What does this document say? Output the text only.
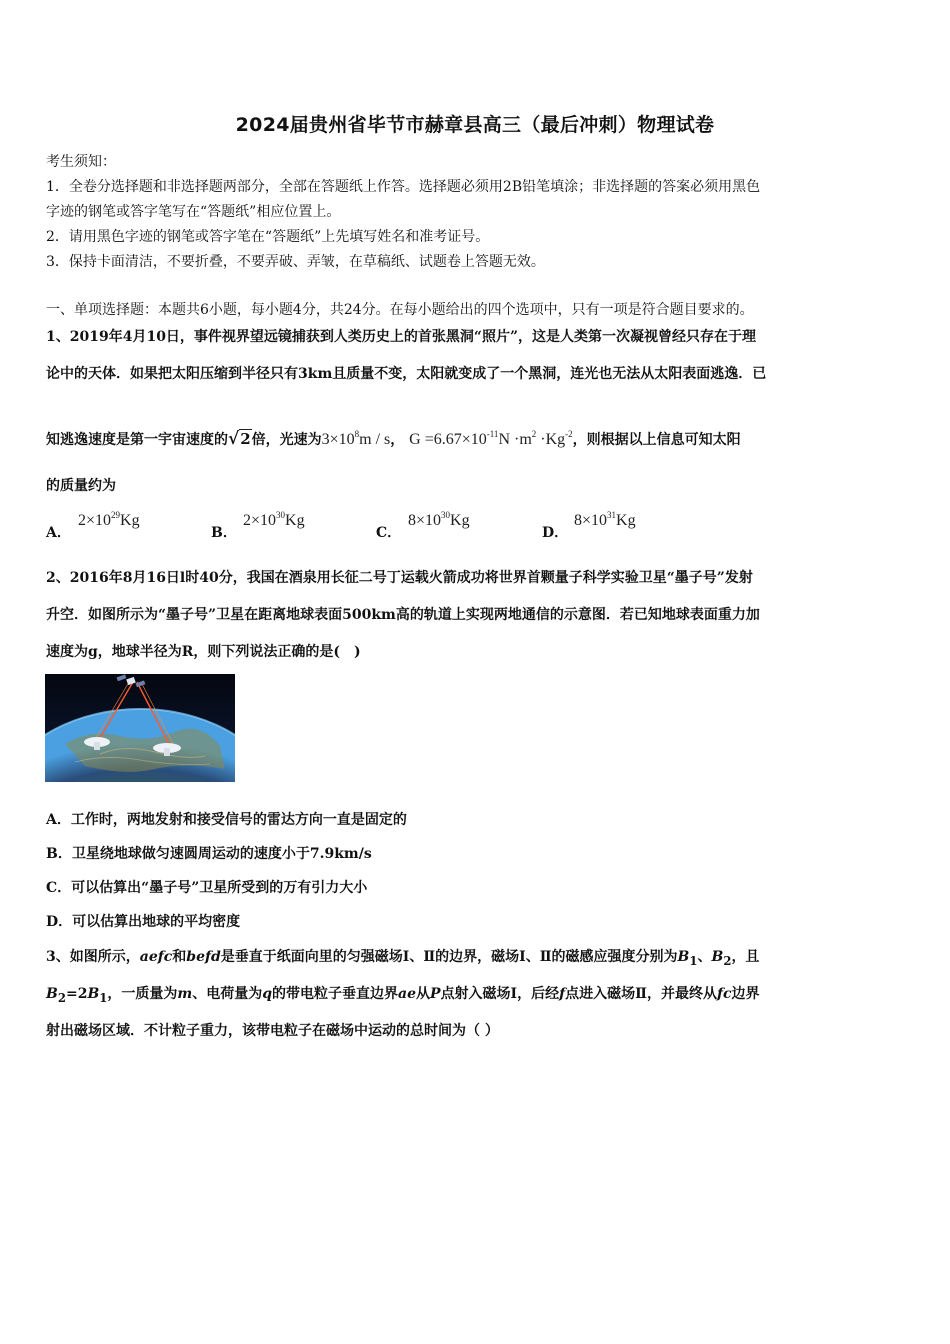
2024届贵州省毕节市赫章县高三（最后冲刺）物理试卷
考生须知：
1．全卷分选择题和非选择题两部分，全部在答题纸上作答。选择题必须用2B铅笔填涂；非选择题的答案必须用黑色
字迹的钢笔或答字笔写在“答题纸”相应位置上。
2．请用黑色字迹的钢笔或答字笔在“答题纸”上先填写姓名和准考证号。
3．保持卡面清洁，不要折叠，不要弄破、弄皱，在草稿纸、试题卷上答题无效。
一、单项选择题：本题共6小题，每小题4分，共24分。在每小题给出的四个选项中，只有一项是符合题目要求的。
1、2019年4月10日，事件视界望远镜捕获到人类历史上的首张黑洞“照片”，这是人类第一次凝视曾经只存在于理
论中的天体．如果把太阳压缩到半径只有3km且质量不变，太阳就变成了一个黑洞，连光也无法从太阳表面逃逸．已
知逃逸速度是第一宇宙速度的√2倍，光速为$3\times 10^8m / s$， $G =6.67\times 10^{-11}N \cdot m^2 \cdot Kg^{-2}$，则根据以上信息可知太阳
的质量约为
A．
$2\times 10^{29}Kg$
B．
$2\times 10^{30}Kg$
C．
$8\times 10^{30}Kg$
D．
$8\times 10^{31}Kg$
2、2016年8月16日l时40分，我国在酒泉用长征二号丁运载火箭成功将世界首颗量子科学实验卫星“墨子号”发射
升空．如图所示为“墨子号”卫星在距离地球表面500km高的轨道上实现两地通信的示意图．若已知地球表面重力加
速度为g，地球半径为R，则下列说法正确的是(　)
A．工作时，两地发射和接受信号的雷达方向一直是固定的
B．卫星绕地球做匀速圆周运动的速度小于7.9km/s
C．可以估算出“墨子号”卫星所受到的万有引力大小
D．可以估算出地球的平均密度
3、如图所示，aefc和befd是垂直于纸面向里的匀强磁场Ⅰ、Ⅱ的边界，磁场Ⅰ、Ⅱ的磁感应强度分别为$B_1$、$B_2$，且
$B_2=2B_1$，一质量为m、电荷量为q的带电粒子垂直边界ae从P点射入磁场Ⅰ，后经f点进入磁场Ⅱ，并最终从fc边界
射出磁场区域．不计粒子重力，该带电粒子在磁场中运动的总时间为（ ）
